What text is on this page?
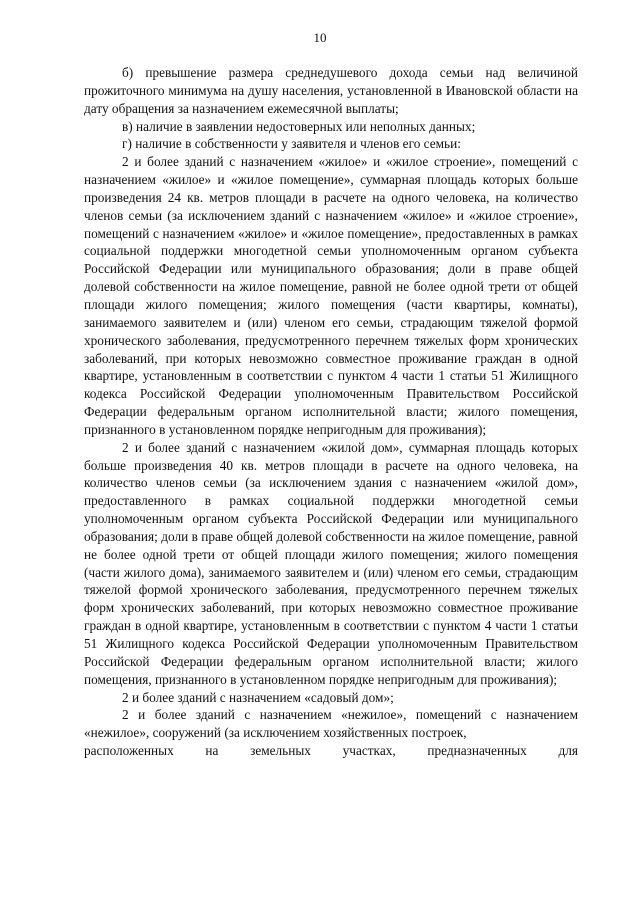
10

б) превышение размера среднедушевого дохода семьи над величиной прожиточного минимума на душу населения, установленной в Ивановской области на дату обращения за назначением ежемесячной выплаты;

в) наличие в заявлении недостоверных или неполных данных;

г) наличие в собственности у заявителя и членов его семьи:

2 и более зданий с назначением «жилое» и «жилое строение», помещений с назначением «жилое» и «жилое помещение», суммарная площадь которых больше произведения 24 кв. метров площади в расчете на одного человека, на количество членов семьи (за исключением зданий с назначением «жилое» и «жилое строение», помещений с назначением «жилое» и «жилое помещение», предоставленных в рамках социальной поддержки многодетной семьи уполномоченным органом субъекта Российской Федерации или муниципального образования; доли в праве общей долевой собственности на жилое помещение, равной не более одной трети от общей площади жилого помещения; жилого помещения (части квартиры, комнаты), занимаемого заявителем и (или) членом его семьи, страдающим тяжелой формой хронического заболевания, предусмотренного перечнем тяжелых форм хронических заболеваний, при которых невозможно совместное проживание граждан в одной квартире, установленным в соответствии с пунктом 4 части 1 статьи 51 Жилищного кодекса Российской Федерации уполномоченным Правительством Российской Федерации федеральным органом исполнительной власти; жилого помещения, признанного в установленном порядке непригодным для проживания);

2 и более зданий с назначением «жилой дом», суммарная площадь которых больше произведения 40 кв. метров площади в расчете на одного человека, на количество членов семьи (за исключением здания с назначением «жилой дом», предоставленного в рамках социальной поддержки многодетной семьи уполномоченным органом субъекта Российской Федерации или муниципального образования; доли в праве общей долевой собственности на жилое помещение, равной не более одной трети от общей площади жилого помещения; жилого помещения (части жилого дома), занимаемого заявителем и (или) членом его семьи, страдающим тяжелой формой хронического заболевания, предусмотренного перечнем тяжелых форм хронических заболеваний, при которых невозможно совместное проживание граждан в одной квартире, установленным в соответствии с пунктом 4 части 1 статьи 51 Жилищного кодекса Российской Федерации уполномоченным Правительством Российской Федерации федеральным органом исполнительной власти; жилого помещения, признанного в установленном порядке непригодным для проживания);

2 и более зданий с назначением «садовый дом»;

2 и более зданий с назначением «нежилое», помещений с назначением «нежилое», сооружений (за исключением хозяйственных построек,

расположенных на земельных участках, предназначенных для
